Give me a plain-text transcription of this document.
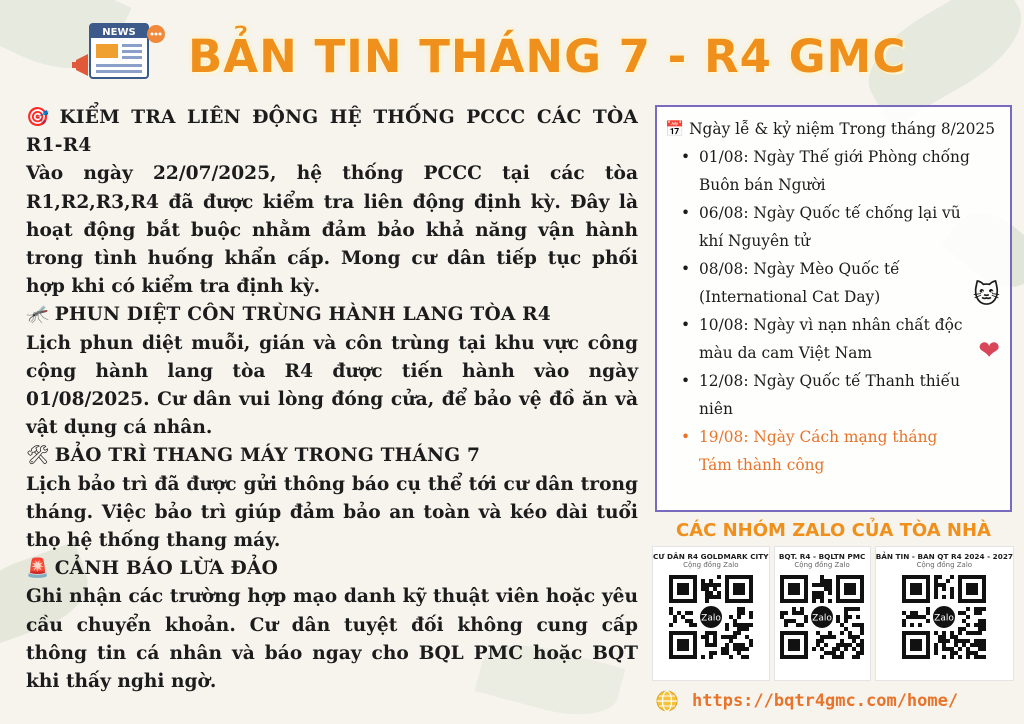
NEWS BẢN TIN THÁNG 7 - R4 GMC
🎯 KIỂM TRA LIÊN ĐỘNG HỆ THỐNG PCCC CÁC TÒA R1-R4
Vào ngày 22/07/2025, hệ thống PCCC tại các tòa R1,R2,R3,R4 đã được kiểm tra liên động định kỳ. Đây là hoạt động bắt buộc nhằm đảm bảo khả năng vận hành trong tình huống khẩn cấp. Mong cư dân tiếp tục phối hợp khi có kiểm tra định kỳ.
🦟 PHUN DIỆT CÔN TRÙNG HÀNH LANG TÒA R4
Lịch phun diệt muỗi, gián và côn trùng tại khu vực công cộng hành lang tòa R4 được tiến hành vào ngày 01/08/2025. Cư dân vui lòng đóng cửa, để bảo vệ đồ ăn và vật dụng cá nhân.
🛠 BẢO TRÌ THANG MÁY TRONG THÁNG 7
Lịch bảo trì đã được gửi thông báo cụ thể tới cư dân trong tháng. Việc bảo trì giúp đảm bảo an toàn và kéo dài tuổi thọ hệ thống thang máy.
🚨 CẢNH BÁO LỪA ĐẢO
Ghi nhận các trường hợp mạo danh kỹ thuật viên hoặc yêu cầu chuyển khoản. Cư dân tuyệt đối không cung cấp thông tin cá nhân và báo ngay cho BQL PMC hoặc BQT khi thấy nghi ngờ.
📅 Ngày lễ & kỷ niệm Trong tháng 8/2025
• 01/08: Ngày Thế giới Phòng chống Buôn bán Người
• 06/08: Ngày Quốc tế chống lại vũ khí Nguyên tử
• 08/08: Ngày Mèo Quốc tế (International Cat Day)	🐱
• 10/08: Ngày vì nạn nhân chất độc màu da cam Việt Nam	❤
• 12/08: Ngày Quốc tế Thanh thiếu niên
• 19/08: Ngày Cách mạng tháng Tám thành công
CÁC NHÓM ZALO CỦA TÒA NHÀ
CƯ DÂN R4 GOLDMARK CITY
Cộng đồng Zalo
Zalo
BQT. R4 - BQLTN PMC
Cộng đồng Zalo
Zalo
BẢN TIN - BAN QT R4 2024 - 2027
Cộng đồng Zalo
Zalo
https://bqtr4gmc.com/home/
